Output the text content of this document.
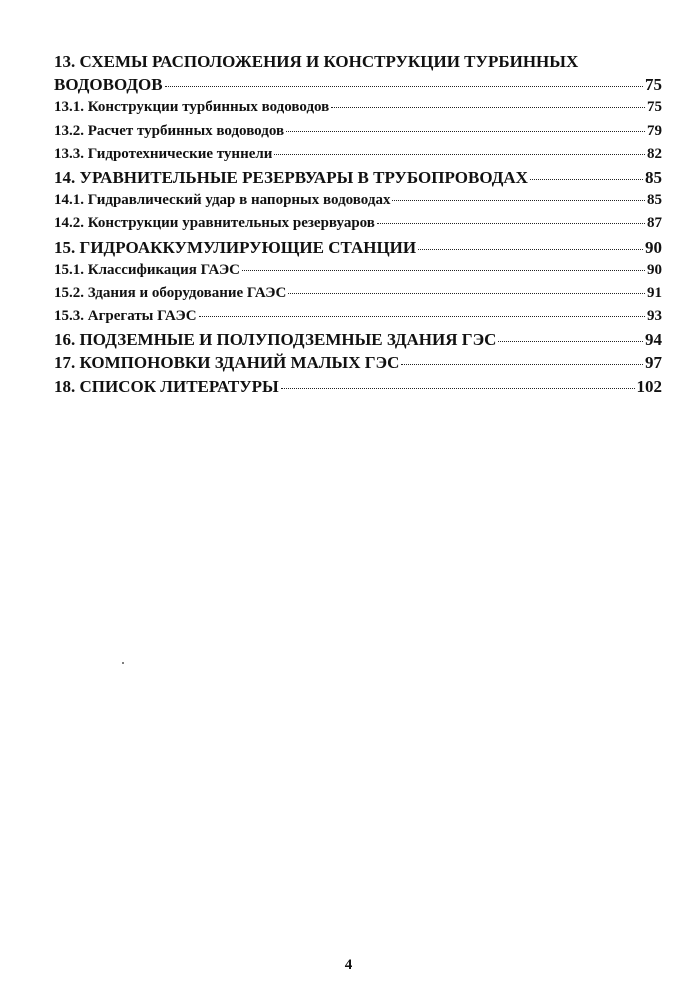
13. СХЕМЫ РАСПОЛОЖЕНИЯ И КОНСТРУКЦИИ ТУРБИННЫХ
ВОДОВОДОВ	75
13.1. Конструкции турбинных водоводов	75
13.2. Расчет турбинных водоводов	79
13.3. Гидротехнические туннели	82
14. УРАВНИТЕЛЬНЫЕ РЕЗЕРВУАРЫ В ТРУБОПРОВОДАХ	85
14.1. Гидравлический удар в напорных водоводах	85
14.2. Конструкции уравнительных резервуаров	87
15. ГИДРОАККУМУЛИРУЮЩИЕ СТАНЦИИ	90
15.1. Классификация ГАЭС	90
15.2. Здания и оборудование ГАЭС	91
15.3. Агрегаты ГАЭС	93
16. ПОДЗЕМНЫЕ И ПОЛУПОДЗЕМНЫЕ ЗДАНИЯ ГЭС	94
17. КОМПОНОВКИ ЗДАНИЙ МАЛЫХ ГЭС	97
18. СПИСОК ЛИТЕРАТУРЫ	102
4
